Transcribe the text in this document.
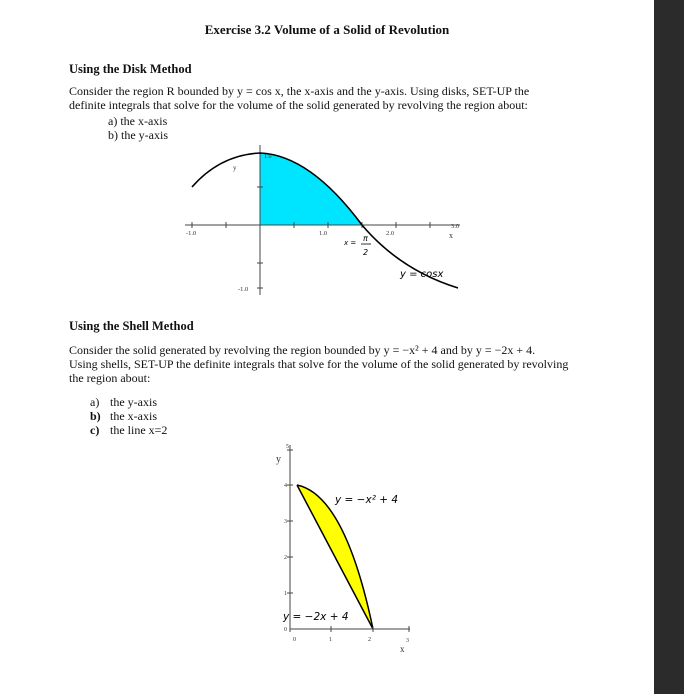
Exercise 3.2 Volume of a Solid of Revolution
Using the Disk Method
Consider the region R bounded by y = cos x, the x-axis and the y-axis. Using disks, SET-UP the
definite integrals that solve for the volume of the solid generated by revolving the region about:
a) the x-axis
b) the y-axis
-1.0	1.0	2.0
3.0
x
y
1.0
-1.0
x = π
2
y = cosx
Using the Shell Method
Consider the solid generated by revolving the region bounded by y = −x² + 4 and by y = −2x + 4.
Using shells, SET-UP the definite integrals that solve for the volume of the solid generated by revolving
the region about:
a) the y-axis
b) the x-axis
c) the line x=2
y
5
4
3
2
1
0
0	1	2	3
x
y = −x² + 4
y = −2x + 4
